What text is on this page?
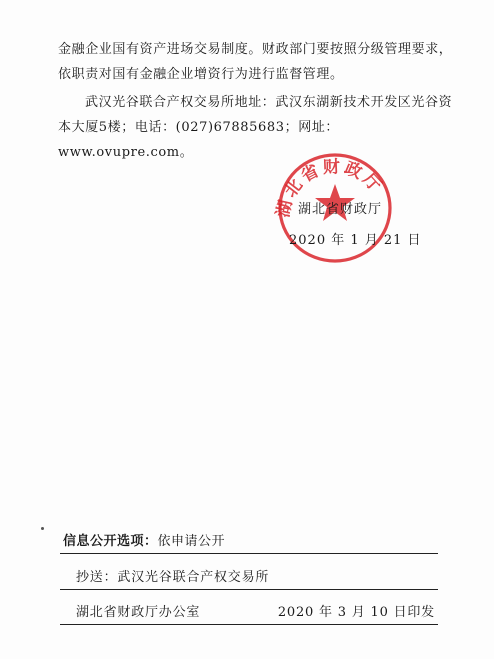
金融企业国有资产进场交易制度。财政部门要按照分级管理要求，依职责对国有金融企业增资行为进行监督管理。

武汉光谷联合产权交易所地址：武汉东湖新技术开发区光谷资本大厦5楼；电话：(027)67885683；网址：www.ovupre.com。

湖北省财政厅
湖北省财政厅
2020 年 1 月 21 日
信息公开选项：依申请公开
抄送：武汉光谷联合产权交易所
湖北省财政厅办公室	2020 年 3 月 10 日印发
